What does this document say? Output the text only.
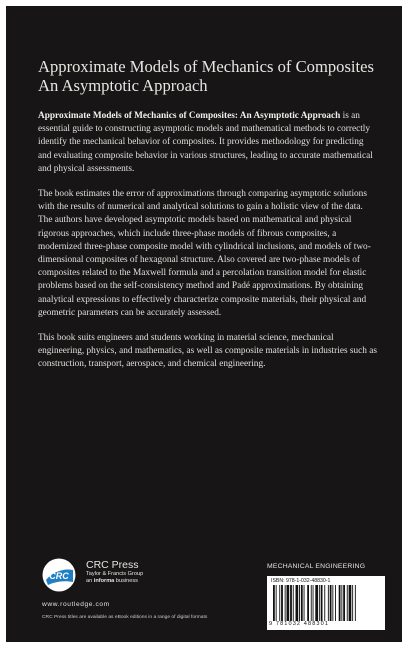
Approximate Models of Mechanics of Composites
An Asymptotic Approach

Approximate Models of Mechanics of Composites: An Asymptotic Approach is an essential guide to constructing asymptotic models and mathematical methods to correctly identify the mechanical behavior of composites. It provides methodology for predicting and evaluating composite behavior in various structures, leading to accurate mathematical and physical assessments.

The book estimates the error of approximations through comparing asymptotic solutions with the results of numerical and analytical solutions to gain a holistic view of the data. The authors have developed asymptotic models based on mathematical and physical rigorous approaches, which include three-phase models of fibrous composites, a modernized three-phase composite model with cylindrical inclusions, and models of two-dimensional composites of hexagonal structure. Also covered are two-phase models of composites related to the Maxwell formula and a percolation transition model for elastic problems based on the self-consistency method and Padé approximations. By obtaining analytical expressions to effectively characterize composite materials, their physical and geometric parameters can be accurately assessed.

This book suits engineers and students working in material science, mechanical engineering, physics, and mathematics, as well as composite materials in industries such as construction, transport, aerospace, and chemical engineering.

CRC
CRC Press
Taylor & Francis Group
an informa business
www.routledge.com
CRC Press titles are available as eBook editions in a range of digital formats
MECHANICAL ENGINEERING
ISBN: 978-1-032-48830-1
9 781032 488301
